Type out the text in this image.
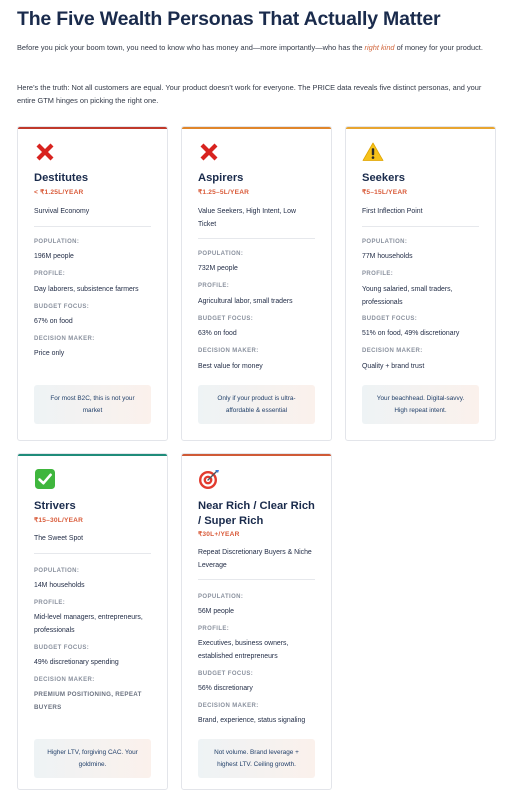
The Five Wealth Personas That Actually Matter

Before you pick your boom town, you need to know who has money and—more importantly—who has the right kind of money for your product.

Here’s the truth: Not all customers are equal. Your product doesn’t work for everyone. The PRICE data reveals five distinct personas, and your entire GTM hinges on picking the right one.

Destitutes
< ₹1.25L/YEAR
Survival Economy
POPULATION:
196M people
PROFILE:
Day laborers, subsistence farmers
BUDGET FOCUS:
67% on food
DECISION MAKER:
Price only
For most B2C, this is not your market
Aspirers
₹1.25–5L/YEAR
Value Seekers, High Intent, Low Ticket
POPULATION:
732M people
PROFILE:
Agricultural labor, small traders
BUDGET FOCUS:
63% on food
DECISION MAKER:
Best value for money
Only if your product is ultra-affordable & essential
Seekers
₹5–15L/YEAR
First Inflection Point
POPULATION:
77M households
PROFILE:
Young salaried, small traders, professionals
BUDGET FOCUS:
51% on food, 49% discretionary
DECISION MAKER:
Quality + brand trust
Your beachhead. Digital-savvy. High repeat intent.
Strivers
₹15–30L/YEAR
The Sweet Spot
POPULATION:
14M households
PROFILE:
Mid-level managers, entrepreneurs, professionals
BUDGET FOCUS:
49% discretionary spending
DECISION MAKER:
PREMIUM POSITIONING, REPEAT BUYERS
Higher LTV, forgiving CAC. Your goldmine.
Near Rich / Clear Rich / Super Rich
₹30L+/YEAR
Repeat Discretionary Buyers & Niche Leverage
POPULATION:
56M people
PROFILE:
Executives, business owners, established entrepreneurs
BUDGET FOCUS:
56% discretionary
DECISION MAKER:
Brand, experience, status signaling
Not volume. Brand leverage + highest LTV. Ceiling growth.
